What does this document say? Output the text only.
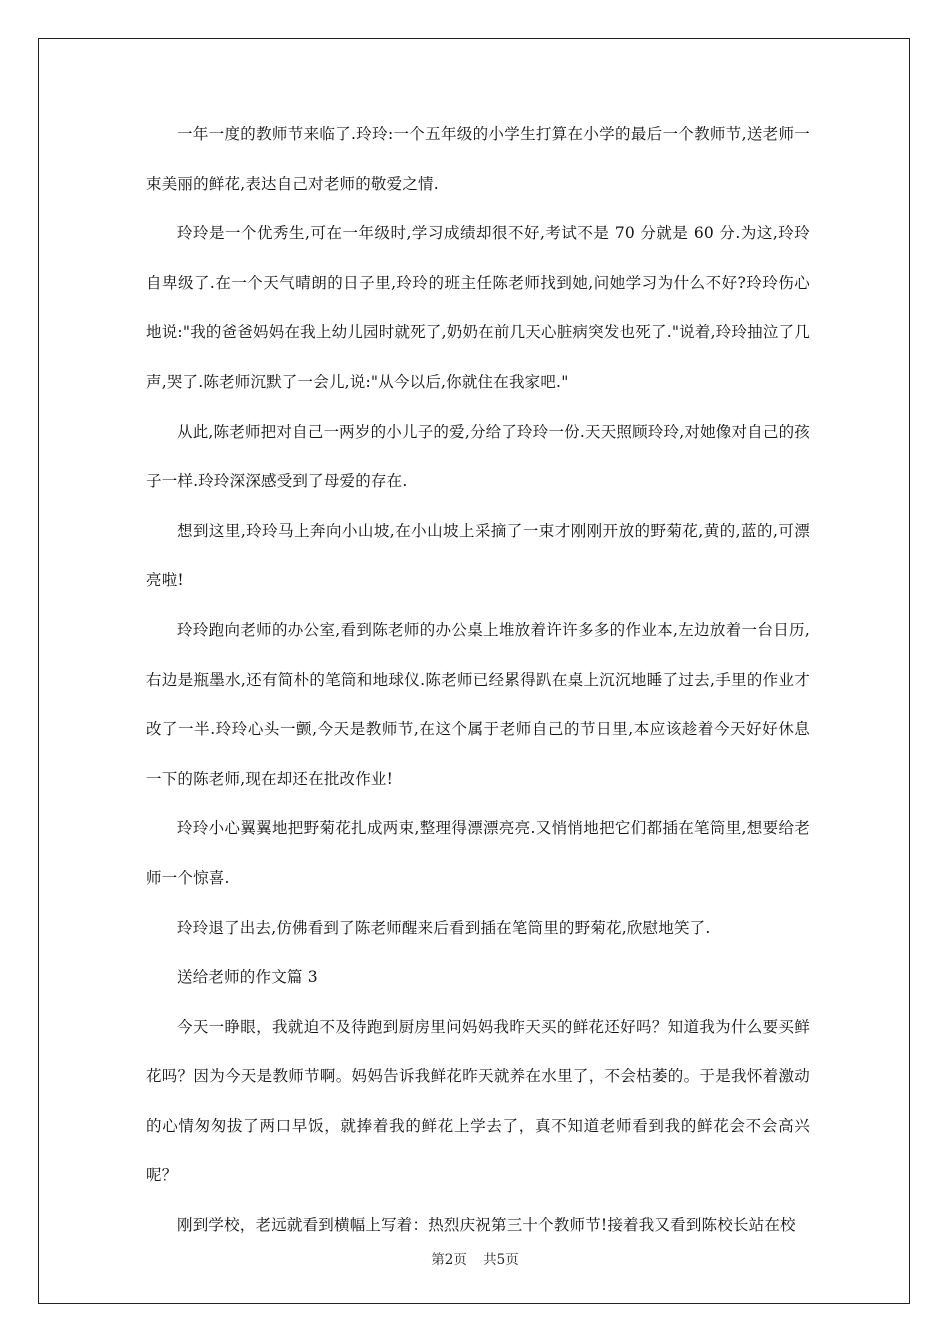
一年一度的教师节来临了.玲玲:一个五年级的小学生打算在小学的最后一个教师节,送老师一束美丽的鲜花,表达自己对老师的敬爱之情.

玲玲是一个优秀生,可在一年级时,学习成绩却很不好,考试不是 70 分就是 60 分.为这,玲玲自卑级了.在一个天气晴朗的日子里,玲玲的班主任陈老师找到她,问她学习为什么不好?玲玲伤心地说:"我的爸爸妈妈在我上幼儿园时就死了,奶奶在前几天心脏病突发也死了."说着,玲玲抽泣了几声,哭了.陈老师沉默了一会儿,说:"从今以后,你就住在我家吧."

从此,陈老师把对自己一两岁的小儿子的爱,分给了玲玲一份.天天照顾玲玲,对她像对自己的孩子一样.玲玲深深感受到了母爱的存在.

想到这里,玲玲马上奔向小山坡,在小山坡上采摘了一束才刚刚开放的野菊花,黄的,蓝的,可漂亮啦!

玲玲跑向老师的办公室,看到陈老师的办公桌上堆放着许许多多的作业本,左边放着一台日历,右边是瓶墨水,还有简朴的笔筒和地球仪.陈老师已经累得趴在桌上沉沉地睡了过去,手里的作业才改了一半.玲玲心头一颤,今天是教师节,在这个属于老师自己的节日里,本应该趁着今天好好休息一下的陈老师,现在却还在批改作业!

玲玲小心翼翼地把野菊花扎成两束,整理得漂漂亮亮.又悄悄地把它们都插在笔筒里,想要给老师一个惊喜.

玲玲退了出去,仿佛看到了陈老师醒来后看到插在笔筒里的野菊花,欣慰地笑了.

送给老师的作文篇 3

今天一睁眼，我就迫不及待跑到厨房里问妈妈我昨天买的鲜花还好吗？知道我为什么要买鲜花吗？因为今天是教师节啊。妈妈告诉我鲜花昨天就养在水里了，不会枯萎的。于是我怀着激动的心情匆匆拔了两口早饭，就捧着我的鲜花上学去了，真不知道老师看到我的鲜花会不会高兴呢？

刚到学校，老远就看到横幅上写着：热烈庆祝第三十个教师节!接着我又看到陈校长站在校

第2页 共5页
